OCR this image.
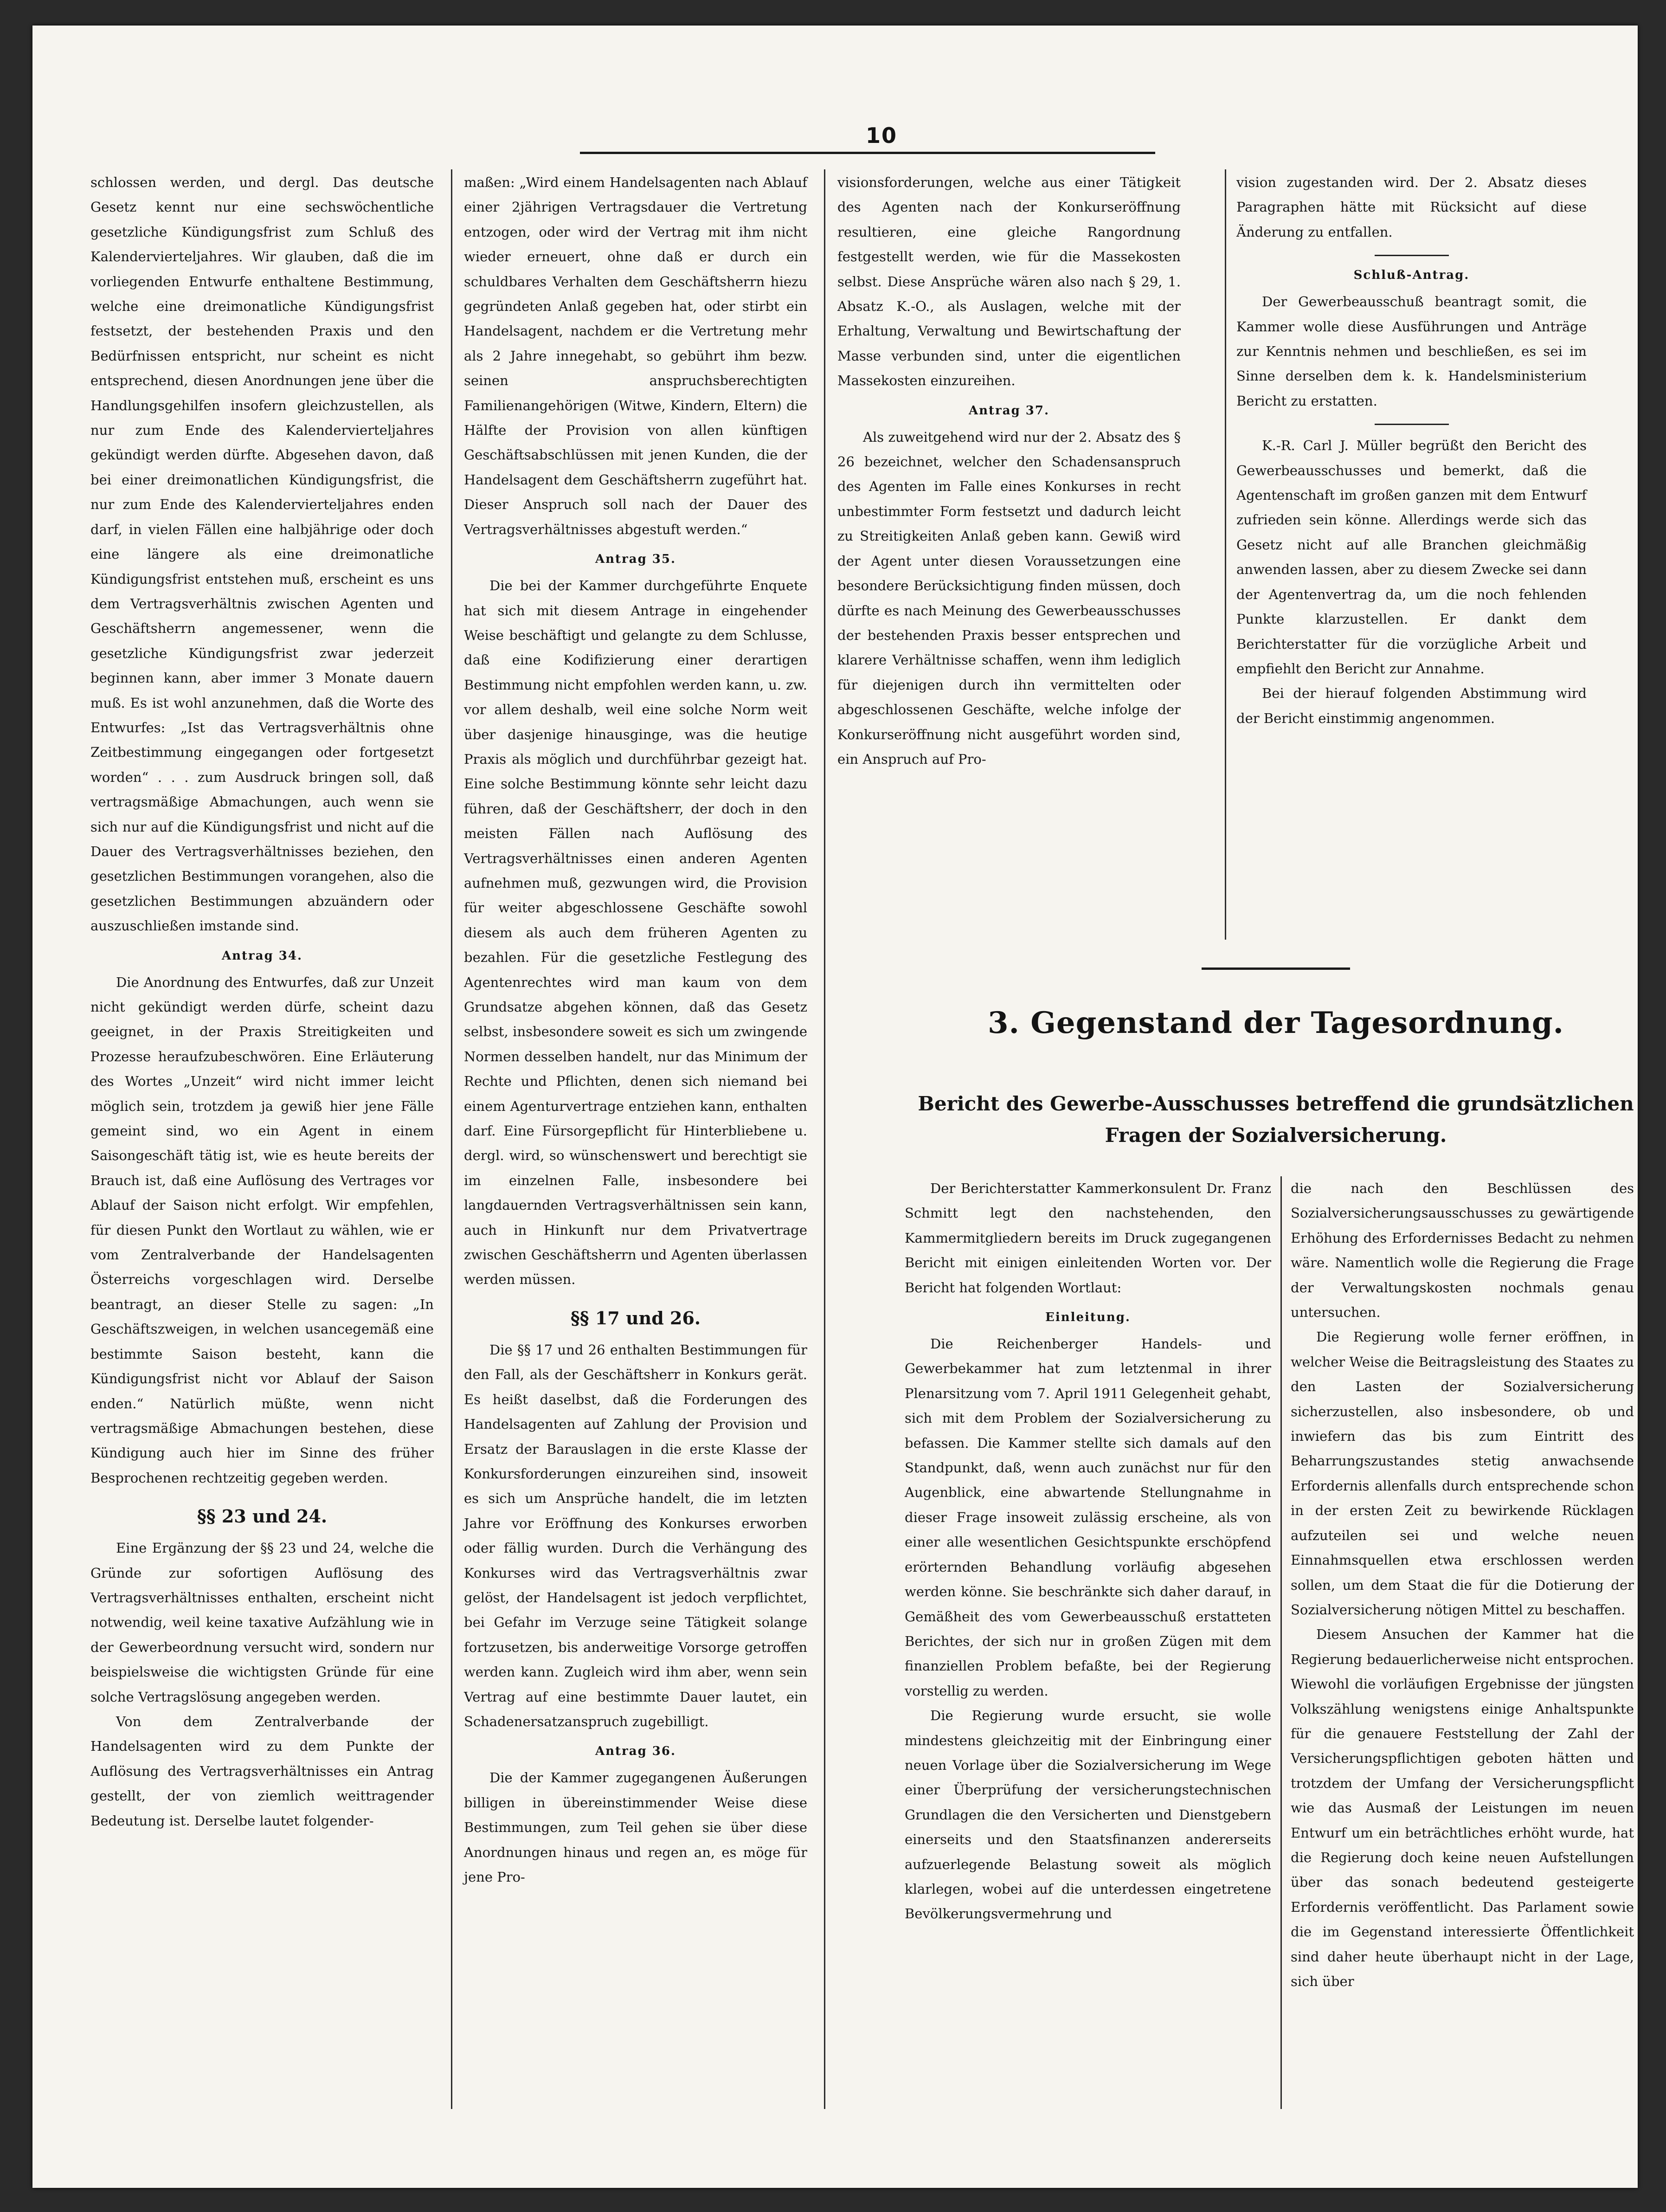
10

schlossen werden, und dergl. Das deutsche Gesetz kennt nur eine sechswöchentliche gesetzliche Kündigungsfrist zum Schluß des Kalendervierteljahres. Wir glauben, daß die im vorliegenden Entwurfe enthaltene Bestimmung, welche eine dreimonatliche Kündigungsfrist festsetzt, der bestehenden Praxis und den Bedürfnissen entspricht, nur scheint es nicht entsprechend, diesen Anordnungen jene über die Handlungsgehilfen insofern gleichzustellen, als nur zum Ende des Kalendervierteljahres gekündigt werden dürfte. Abgesehen davon, daß bei einer dreimonatlichen Kündigungsfrist, die nur zum Ende des Kalendervierteljahres enden darf, in vielen Fällen eine halbjährige oder doch eine längere als eine dreimonatliche Kündigungsfrist entstehen muß, erscheint es uns dem Vertragsverhältnis zwischen Agenten und Geschäftsherrn angemessener, wenn die gesetzliche Kündigungsfrist zwar jederzeit beginnen kann, aber immer 3 Monate dauern muß. Es ist wohl anzunehmen, daß die Worte des Entwurfes: „Ist das Vertragsverhältnis ohne Zeitbestimmung eingegangen oder fortgesetzt worden“ . . . zum Ausdruck bringen soll, daß vertragsmäßige Abmachungen, auch wenn sie sich nur auf die Kündigungsfrist und nicht auf die Dauer des Vertragsverhältnisses beziehen, den gesetzlichen Bestimmungen vorangehen, also die gesetzlichen Bestimmungen abzuändern oder auszuschließen imstande sind.

Antrag 34.

Die Anordnung des Entwurfes, daß zur Unzeit nicht gekündigt werden dürfe, scheint dazu geeignet, in der Praxis Streitigkeiten und Prozesse heraufzubeschwören. Eine Erläuterung des Wortes „Unzeit“ wird nicht immer leicht möglich sein, trotzdem ja gewiß hier jene Fälle gemeint sind, wo ein Agent in einem Saisongeschäft tätig ist, wie es heute bereits der Brauch ist, daß eine Auflösung des Vertrages vor Ablauf der Saison nicht erfolgt. Wir empfehlen, für diesen Punkt den Wortlaut zu wählen, wie er vom Zentralverbande der Handelsagenten Österreichs vorgeschlagen wird. Derselbe beantragt, an dieser Stelle zu sagen: „In Geschäftszweigen, in welchen usancegemäß eine bestimmte Saison besteht, kann die Kündigungsfrist nicht vor Ablauf der Saison enden.“ Natürlich müßte, wenn nicht vertragsmäßige Abmachungen bestehen, diese Kündigung auch hier im Sinne des früher Besprochenen rechtzeitig gegeben werden.

§§ 23 und 24.

Eine Ergänzung der §§ 23 und 24, welche die Gründe zur sofortigen Auflösung des Vertragsverhältnisses enthalten, erscheint nicht notwendig, weil keine taxative Aufzählung wie in der Gewerbeordnung versucht wird, sondern nur beispielsweise die wichtigsten Gründe für eine solche Vertragslösung angegeben werden.

Von dem Zentralverbande der Handelsagenten wird zu dem Punkte der Auflösung des Vertragsverhältnisses ein Antrag gestellt, der von ziemlich weittragender Bedeutung ist. Derselbe lautet folgender-

maßen: „Wird einem Handelsagenten nach Ablauf einer 2jährigen Vertragsdauer die Vertretung entzogen, oder wird der Vertrag mit ihm nicht wieder erneuert, ohne daß er durch ein schuldbares Verhalten dem Geschäftsherrn hiezu gegründeten Anlaß gegeben hat, oder stirbt ein Handelsagent, nachdem er die Vertretung mehr als 2 Jahre innegehabt, so gebührt ihm bezw. seinen anspruchsberechtigten Familienangehörigen (Witwe, Kindern, Eltern) die Hälfte der Provision von allen künftigen Geschäftsabschlüssen mit jenen Kunden, die der Handelsagent dem Geschäftsherrn zugeführt hat. Dieser Anspruch soll nach der Dauer des Vertragsverhältnisses abgestuft werden.“

Antrag 35.

Die bei der Kammer durchgeführte Enquete hat sich mit diesem Antrage in eingehender Weise beschäftigt und gelangte zu dem Schlusse, daß eine Kodifizierung einer derartigen Bestimmung nicht empfohlen werden kann, u. zw. vor allem deshalb, weil eine solche Norm weit über dasjenige hinausginge, was die heutige Praxis als möglich und durchführbar gezeigt hat. Eine solche Bestimmung könnte sehr leicht dazu führen, daß der Geschäftsherr, der doch in den meisten Fällen nach Auflösung des Vertragsverhältnisses einen anderen Agenten aufnehmen muß, gezwungen wird, die Provision für weiter abgeschlossene Geschäfte sowohl diesem als auch dem früheren Agenten zu bezahlen. Für die gesetzliche Festlegung des Agentenrechtes wird man kaum von dem Grundsatze abgehen können, daß das Gesetz selbst, insbesondere soweit es sich um zwingende Normen desselben handelt, nur das Minimum der Rechte und Pflichten, denen sich niemand bei einem Agenturvertrage entziehen kann, enthalten darf. Eine Fürsorgepflicht für Hinterbliebene u. dergl. wird, so wünschenswert und berechtigt sie im einzelnen Falle, insbesondere bei langdauernden Vertragsverhältnissen sein kann, auch in Hinkunft nur dem Privatvertrage zwischen Geschäftsherrn und Agenten überlassen werden müssen.

§§ 17 und 26.

Die §§ 17 und 26 enthalten Bestimmungen für den Fall, als der Geschäftsherr in Konkurs gerät. Es heißt daselbst, daß die Forderungen des Handelsagenten auf Zahlung der Provision und Ersatz der Barauslagen in die erste Klasse der Konkursforderungen einzureihen sind, insoweit es sich um Ansprüche handelt, die im letzten Jahre vor Eröffnung des Konkurses erworben oder fällig wurden. Durch die Verhängung des Konkurses wird das Vertragsverhältnis zwar gelöst, der Handelsagent ist jedoch verpflichtet, bei Gefahr im Verzuge seine Tätigkeit solange fortzusetzen, bis anderweitige Vorsorge getroffen werden kann. Zugleich wird ihm aber, wenn sein Vertrag auf eine bestimmte Dauer lautet, ein Schadenersatzanspruch zugebilligt.

Antrag 36.

Die der Kammer zugegangenen Äußerungen billigen in übereinstimmender Weise diese Bestimmungen, zum Teil gehen sie über diese Anordnungen hinaus und regen an, es möge für jene Pro-

visionsforderungen, welche aus einer Tätigkeit des Agenten nach der Konkurseröffnung resultieren, eine gleiche Rangordnung festgestellt werden, wie für die Massekosten selbst. Diese Ansprüche wären also nach § 29, 1. Absatz K.-O., als Auslagen, welche mit der Erhaltung, Verwaltung und Bewirtschaftung der Masse verbunden sind, unter die eigentlichen Massekosten einzureihen.

Antrag 37.

Als zuweitgehend wird nur der 2. Absatz des § 26 bezeichnet, welcher den Schadensanspruch des Agenten im Falle eines Konkurses in recht unbestimmter Form festsetzt und dadurch leicht zu Streitigkeiten Anlaß geben kann. Gewiß wird der Agent unter diesen Voraussetzungen eine besondere Berücksichtigung finden müssen, doch dürfte es nach Meinung des Gewerbeausschusses der bestehenden Praxis besser entsprechen und klarere Verhältnisse schaffen, wenn ihm lediglich für diejenigen durch ihn vermittelten oder abgeschlossenen Geschäfte, welche infolge der Konkurseröffnung nicht ausgeführt worden sind, ein Anspruch auf Pro-

vision zugestanden wird. Der 2. Absatz dieses Paragraphen hätte mit Rücksicht auf diese Änderung zu entfallen.

Schluß-Antrag.

Der Gewerbeausschuß beantragt somit, die Kammer wolle diese Ausführungen und Anträge zur Kenntnis nehmen und beschließen, es sei im Sinne derselben dem k. k. Handelsministerium Bericht zu erstatten.

K.-R. Carl J. Müller begrüßt den Bericht des Gewerbeausschusses und bemerkt, daß die Agentenschaft im großen ganzen mit dem Entwurf zufrieden sein könne. Allerdings werde sich das Gesetz nicht auf alle Branchen gleichmäßig anwenden lassen, aber zu diesem Zwecke sei dann der Agentenvertrag da, um die noch fehlenden Punkte klarzustellen. Er dankt dem Berichterstatter für die vorzügliche Arbeit und empfiehlt den Bericht zur Annahme.

Bei der hierauf folgenden Abstimmung wird der Bericht einstimmig angenommen.

3. Gegenstand der Tagesordnung.
Bericht des Gewerbe-Ausschusses betreffend die grundsätzlichen
Fragen der Sozialversicherung.

Der Berichterstatter Kammerkonsulent Dr. Franz Schmitt legt den nachstehenden, den Kammermitgliedern bereits im Druck zugegangenen Bericht mit einigen einleitenden Worten vor. Der Bericht hat folgenden Wortlaut:

Einleitung.

Die Reichenberger Handels- und Gewerbekammer hat zum letztenmal in ihrer Plenarsitzung vom 7. April 1911 Gelegenheit gehabt, sich mit dem Problem der Sozialversicherung zu befassen. Die Kammer stellte sich damals auf den Standpunkt, daß, wenn auch zunächst nur für den Augenblick, eine abwartende Stellungnahme in dieser Frage insoweit zulässig erscheine, als von einer alle wesentlichen Gesichtspunkte erschöpfend erörternden Behandlung vorläufig abgesehen werden könne. Sie beschränkte sich daher darauf, in Gemäßheit des vom Gewerbeausschuß erstatteten Berichtes, der sich nur in großen Zügen mit dem finanziellen Problem befaßte, bei der Regierung vorstellig zu werden.

Die Regierung wurde ersucht, sie wolle mindestens gleichzeitig mit der Einbringung einer neuen Vorlage über die Sozialversicherung im Wege einer Überprüfung der versicherungstechnischen Grundlagen die den Versicherten und Dienstgebern einerseits und den Staatsfinanzen andererseits aufzuerlegende Belastung soweit als möglich klarlegen, wobei auf die unterdessen eingetretene Bevölkerungsvermehrung und

die nach den Beschlüssen des Sozialversicherungsausschusses zu gewärtigende Erhöhung des Erfordernisses Bedacht zu nehmen wäre. Namentlich wolle die Regierung die Frage der Verwaltungskosten nochmals genau untersuchen.

Die Regierung wolle ferner eröffnen, in welcher Weise die Beitragsleistung des Staates zu den Lasten der Sozialversicherung sicherzustellen, also insbesondere, ob und inwiefern das bis zum Eintritt des Beharrungszustandes stetig anwachsende Erfordernis allenfalls durch entsprechende schon in der ersten Zeit zu bewirkende Rücklagen aufzuteilen sei und welche neuen Einnahmsquellen etwa erschlossen werden sollen, um dem Staat die für die Dotierung der Sozialversicherung nötigen Mittel zu beschaffen.

Diesem Ansuchen der Kammer hat die Regierung bedauerlicherweise nicht entsprochen. Wiewohl die vorläufigen Ergebnisse der jüngsten Volkszählung wenigstens einige Anhaltspunkte für die genauere Feststellung der Zahl der Versicherungspflichtigen geboten hätten und trotzdem der Umfang der Versicherungspflicht wie das Ausmaß der Leistungen im neuen Entwurf um ein beträchtliches erhöht wurde, hat die Regierung doch keine neuen Aufstellungen über das sonach bedeutend gesteigerte Erfordernis veröffentlicht. Das Parlament sowie die im Gegenstand interessierte Öffentlichkeit sind daher heute überhaupt nicht in der Lage, sich über
